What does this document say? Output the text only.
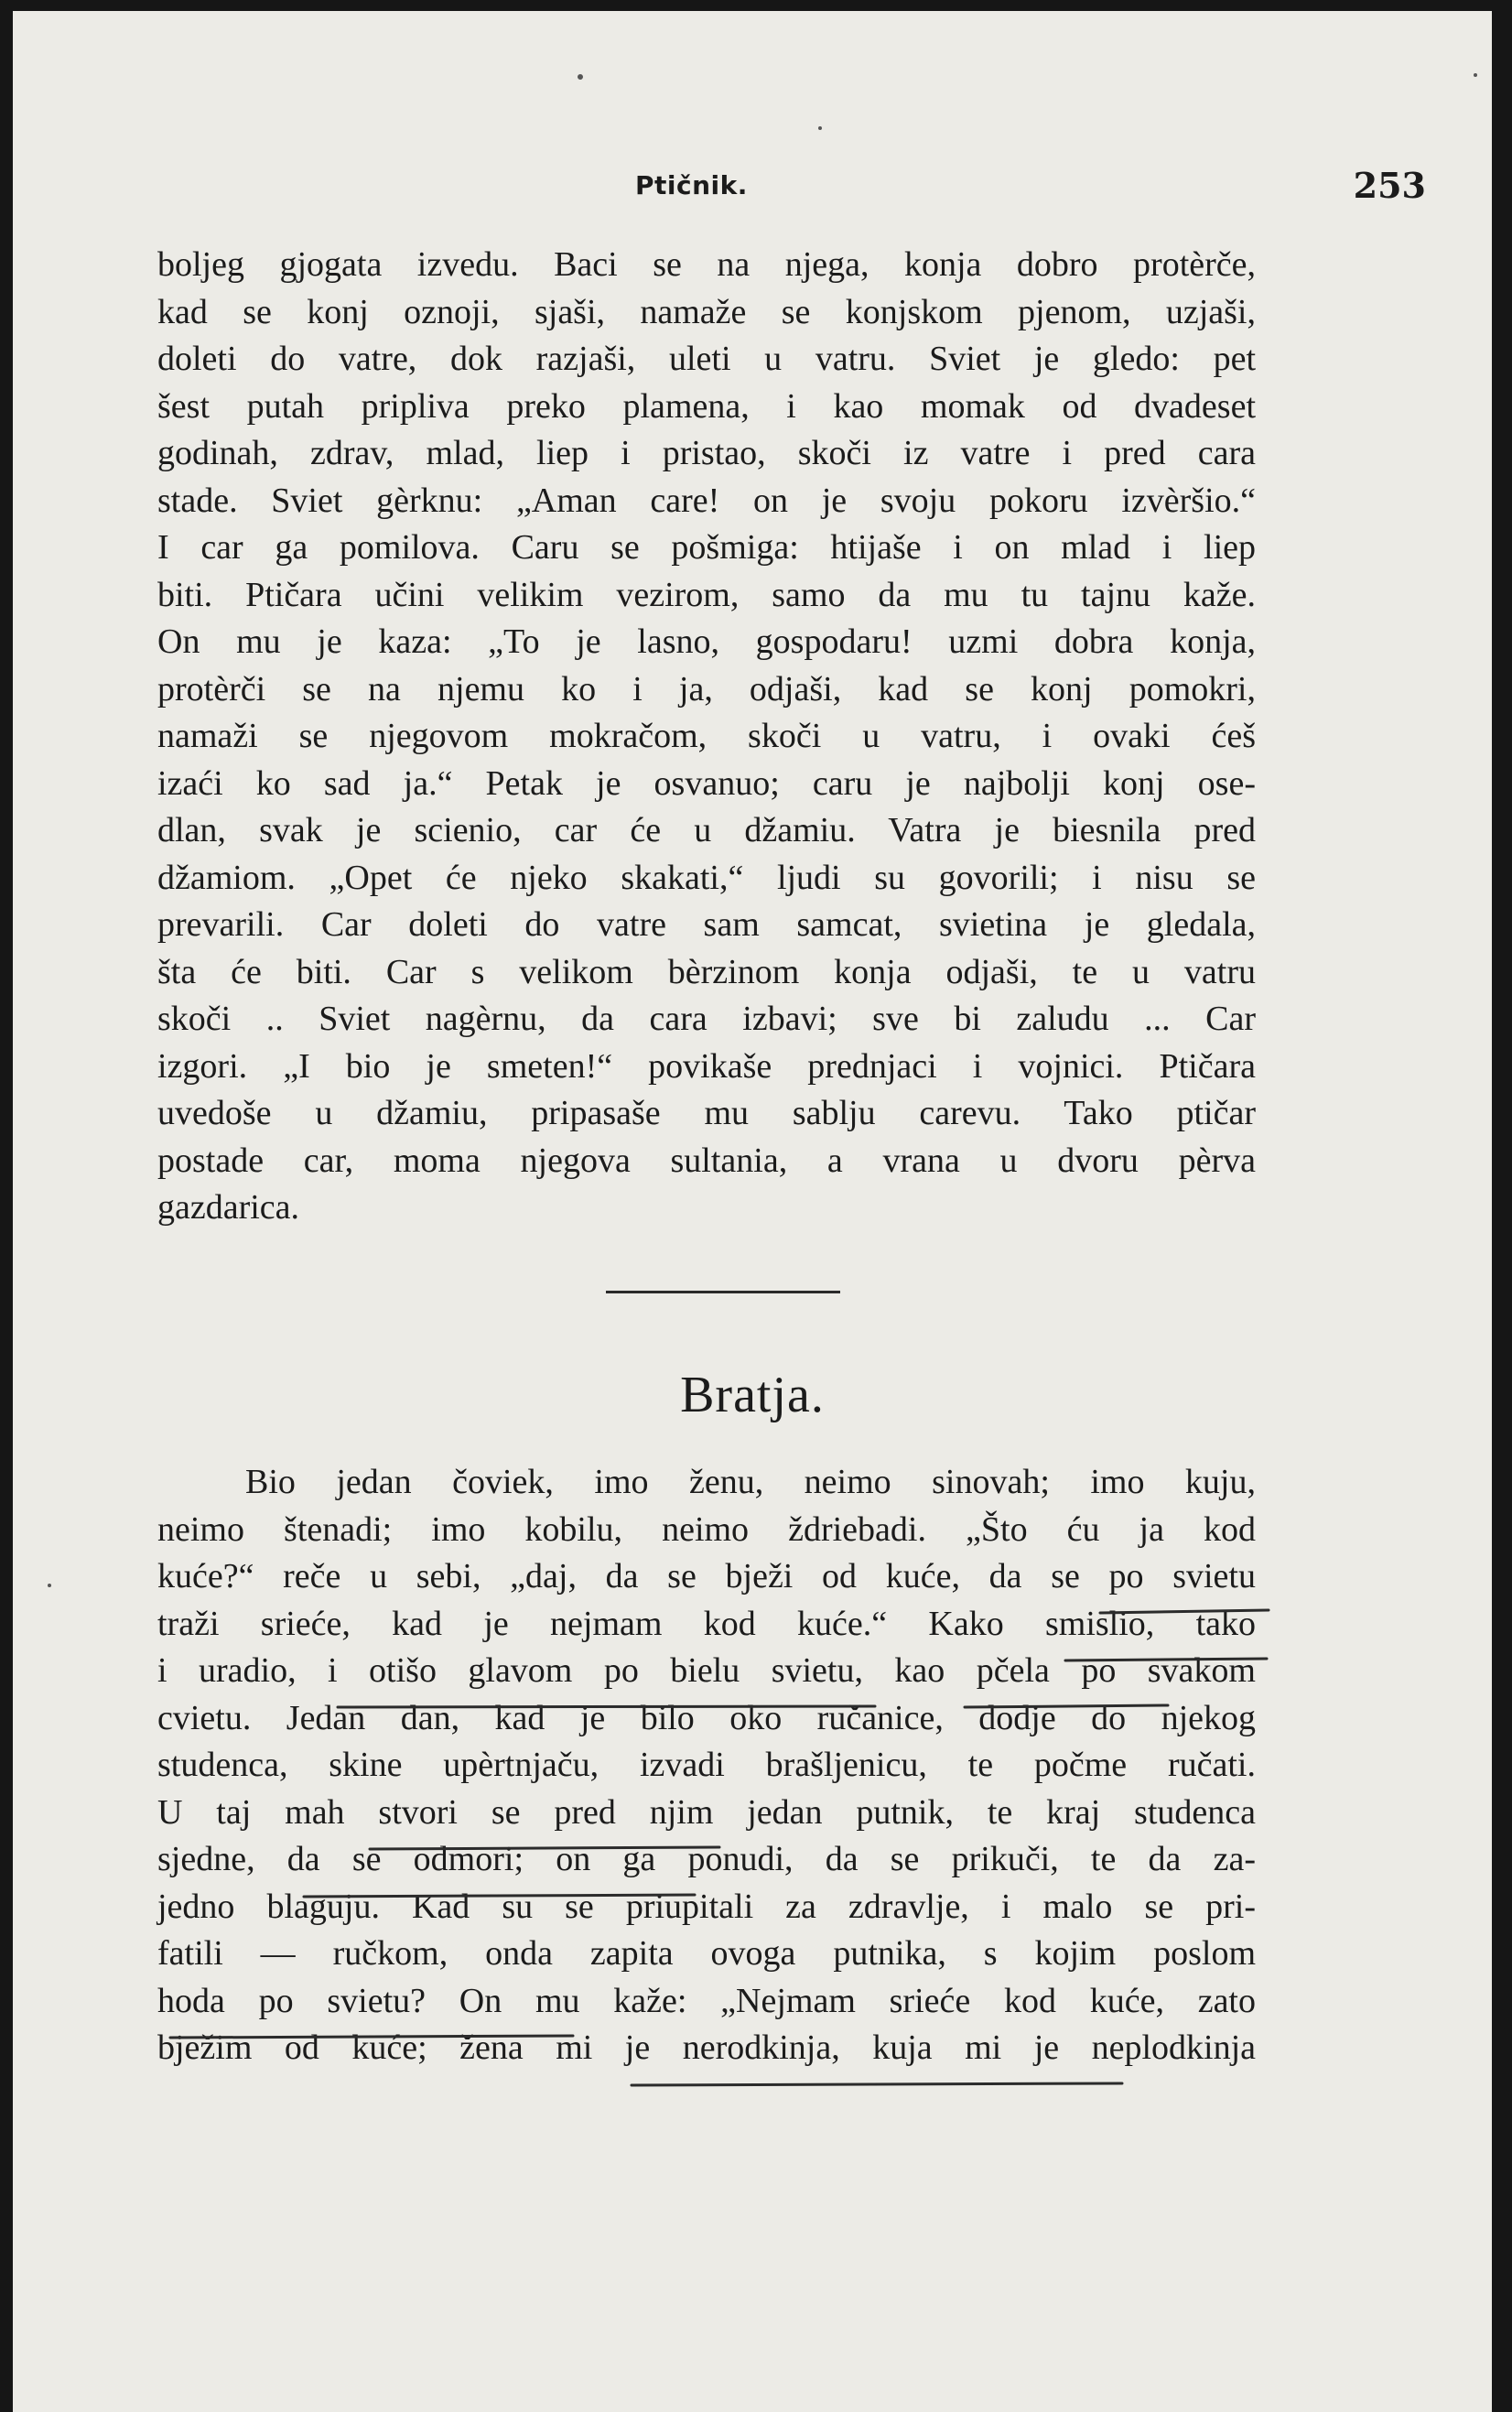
Ptičnik.	253
boljeg gjogata izvedu. Baci se na njega, konja dobro protèrče,
kad se konj oznoji, sjaši, namaže se konjskom pjenom, uzjaši,
doleti do vatre, dok razjaši, uleti u vatru. Sviet je gledo: pet
šest putah pripliva preko plamena, i kao momak od dvadeset
godinah, zdrav, mlad, liep i pristao, skoči iz vatre i pred cara
stade. Sviet gèrknu: „Aman care! on je svoju pokoru izvèršio.“
I car ga pomilova. Caru se pošmiga: htijaše i on mlad i liep
biti. Ptičara učini velikim vezirom, samo da mu tu tajnu kaže.
On mu je kaza: „To je lasno, gospodaru! uzmi dobra konja,
protèrči se na njemu ko i ja, odjaši, kad se konj pomokri,
namaži se njegovom mokračom, skoči u vatru, i ovaki ćeš
izaći ko sad ja.“ Petak je osvanuo; caru je najbolji konj ose-
dlan, svak je scienio, car će u džamiu. Vatra je biesnila pred
džamiom. „Opet će njeko skakati,“ ljudi su govorili; i nisu se
prevarili. Car doleti do vatre sam samcat, svietina je gledala,
šta će biti. Car s velikom bèrzinom konja odjaši, te u vatru
skoči .. Sviet nagèrnu, da cara izbavi; sve bi zaludu ... Car
izgori. „I bio je smeten!“ povikaše prednjaci i vojnici. Ptičara
uvedoše u džamiu, pripasaše mu sablju carevu. Tako ptičar
postade car, moma njegova sultania, a vrana u dvoru pèrva
gazdarica.
Bratja.
Bio jedan čoviek, imo ženu, neimo sinovah; imo kuju,
neimo štenadi; imo kobilu, neimo ždriebadi. „Što ću ja kod
kuće?“ reče u sebi, „daj, da se bježi od kuće, da se po svietu
traži srieće, kad je nejmam kod kuće.“ Kako smislio, tako
i uradio, i otišo glavom po bielu svietu, kao pčela po svakom
cvietu. Jedan dan, kad je bilo oko ručanice, dodje do njekog
studenca, skine upèrtnjaču, izvadi brašljenicu, te počme ručati.
U taj mah stvori se pred njim jedan putnik, te kraj studenca
sjedne, da se odmori; on ga ponudi, da se prikuči, te da za-
jedno blaguju. Kad su se priupitali za zdravlje, i malo se pri-
fatili — ručkom, onda zapita ovoga putnika, s kojim poslom
hoda po svietu? On mu kaže: „Nejmam srieće kod kuće, zato
bježim od kuće; žena mi je nerodkinja, kuja mi je neplodkinja
